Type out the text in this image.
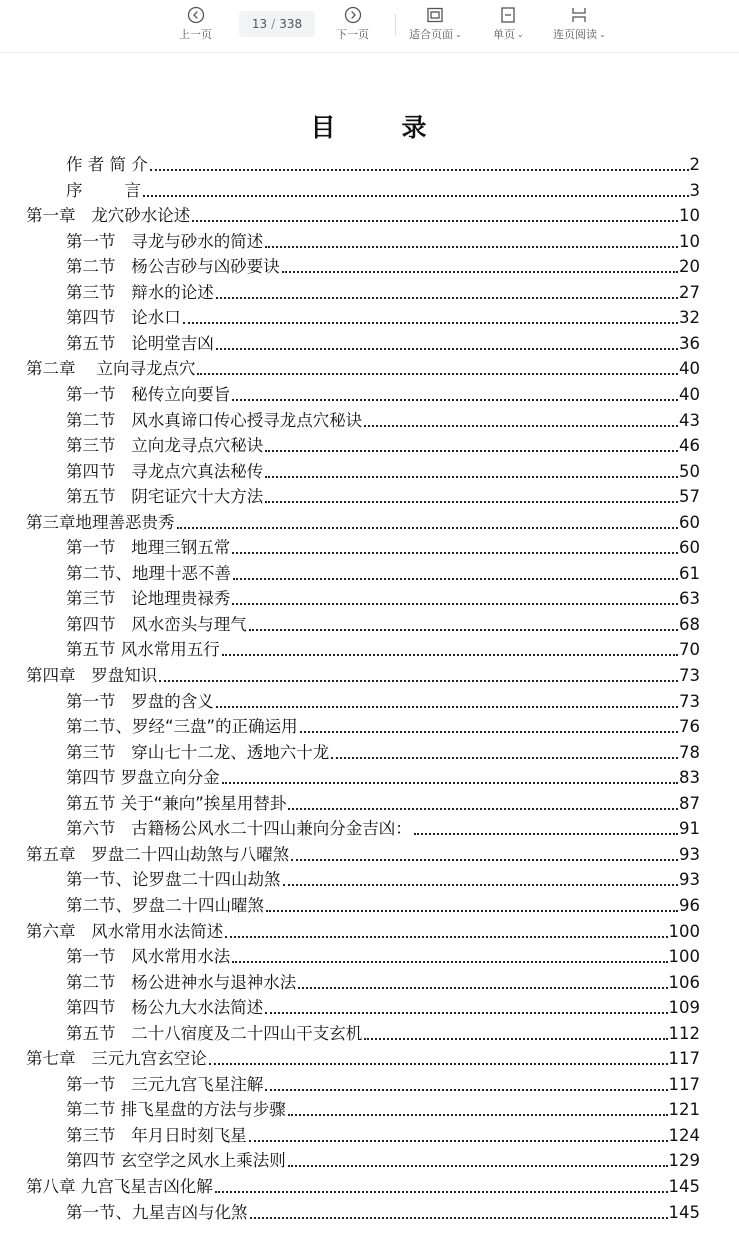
上一页
13 / 338
下一页	适合页面 ⌄	单页 ⌄	连页阅读 ⌄
目	录
作 者 简 介	2
序        言	3
第一章   龙穴砂水论述	10
第一节   寻龙与砂水的简述	10
第二节   杨公吉砂与凶砂要诀	20
第三节   辩水的论述	27
第四节   论水口	32
第五节   论明堂吉凶	36
第二章    立向寻龙点穴	40
第一节   秘传立向要旨	40
第二节   风水真谛口传心授寻龙点穴秘诀	43
第三节   立向龙寻点穴秘诀	46
第四节   寻龙点穴真法秘传	50
第五节   阴宅证穴十大方法	57
第三章地理善恶贵秀	60
第一节   地理三钢五常	60
第二节、地理十恶不善	61
第三节   论地理贵禄秀	63
第四节   风水峦头与理气	68
第五节 风水常用五行	70
第四章   罗盘知识	73
第一节   罗盘的含义	73
第二节、罗经“三盘”的正确运用	76
第三节   穿山七十二龙、透地六十龙	78
第四节 罗盘立向分金	83
第五节 关于“兼向”挨星用替卦	87
第六节   古籍杨公风水二十四山兼向分金吉凶：	91
第五章   罗盘二十四山劫煞与八曜煞	93
第一节、论罗盘二十四山劫煞	93
第二节、罗盘二十四山曜煞	96
第六章   风水常用水法简述	100
第一节   风水常用水法	100
第二节   杨公进神水与退神水法	106
第四节   杨公九大水法简述	109
第五节   二十八宿度及二十四山干支玄机	112
第七章   三元九宫玄空论	117
第一节   三元九宫飞星注解	117
第二节 排飞星盘的方法与步骤	121
第三节   年月日时刻飞星	124
第四节 玄空学之风水上乘法则	129
第八章 九宫飞星吉凶化解	145
第一节、九星吉凶与化煞	145
